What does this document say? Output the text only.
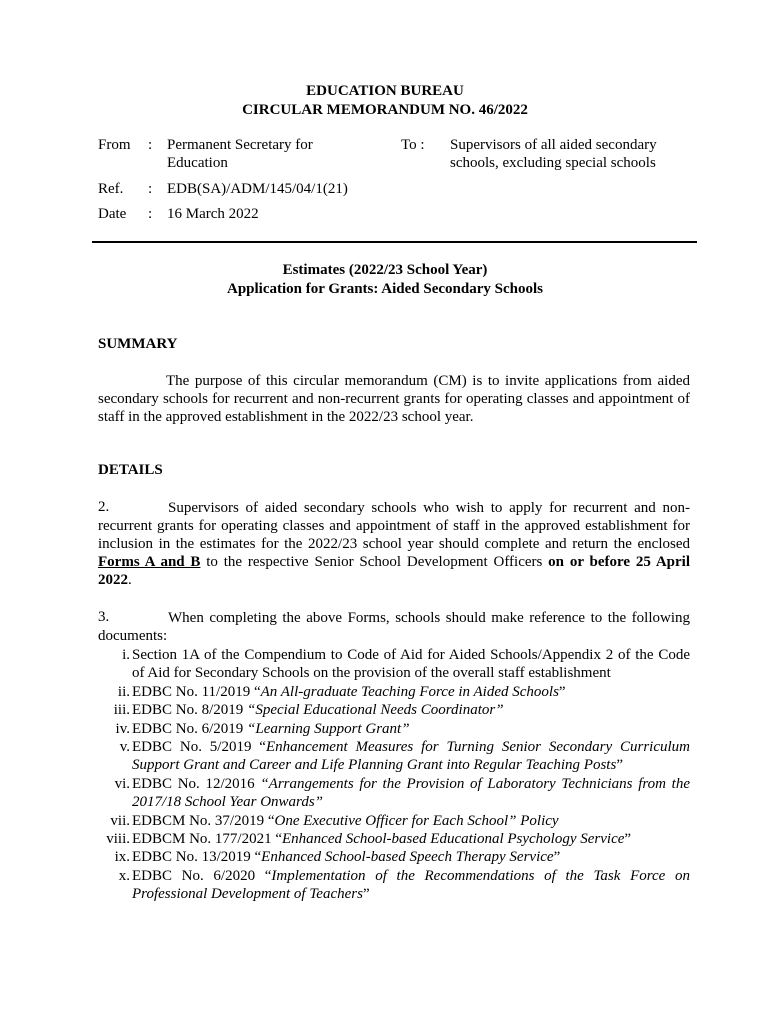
EDUCATION BUREAU
CIRCULAR MEMORANDUM NO. 46/2022
From : Permanent Secretary for
Education
To : Supervisors of all aided secondary
schools, excluding special schools
Ref. : EDB(SA)/ADM/145/04/1(21)
Date : 16 March 2022
Estimates (2022/23 School Year)
Application for Grants: Aided Secondary Schools
SUMMARY
The purpose of this circular memorandum (CM) is to invite applications from aided secondary schools for recurrent and non-recurrent grants for operating classes and appointment of staff in the approved establishment in the 2022/23 school year.
DETAILS
2.	Supervisors of aided secondary schools who wish to apply for recurrent and non-recurrent grants for operating classes and appointment of staff in the approved establishment for inclusion in the estimates for the 2022/23 school year should complete and return the enclosed Forms A and B to the respective Senior School Development Officers on or before 25 April 2022.
3.	When completing the above Forms, schools should make reference to the following documents:
i. Section 1A of the Compendium to Code of Aid for Aided Schools/Appendix 2 of the Code of Aid for Secondary Schools on the provision of the overall staff establishment
ii. EDBC No. 11/2019 “An All-graduate Teaching Force in Aided Schools”
iii. EDBC No. 8/2019 “Special Educational Needs Coordinator”
iv. EDBC No. 6/2019 “Learning Support Grant”
v. EDBC No. 5/2019 “Enhancement Measures for Turning Senior Secondary Curriculum Support Grant and Career and Life Planning Grant into Regular Teaching Posts”
vi. EDBC No. 12/2016 “Arrangements for the Provision of Laboratory Technicians from the 2017/18 School Year Onwards”
vii. EDBCM No. 37/2019 “One Executive Officer for Each School” Policy
viii. EDBCM No. 177/2021 “Enhanced School-based Educational Psychology Service”
ix. EDBC No. 13/2019 “Enhanced School-based Speech Therapy Service”
x. EDBC No. 6/2020 “Implementation of the Recommendations of the Task Force on Professional Development of Teachers”
